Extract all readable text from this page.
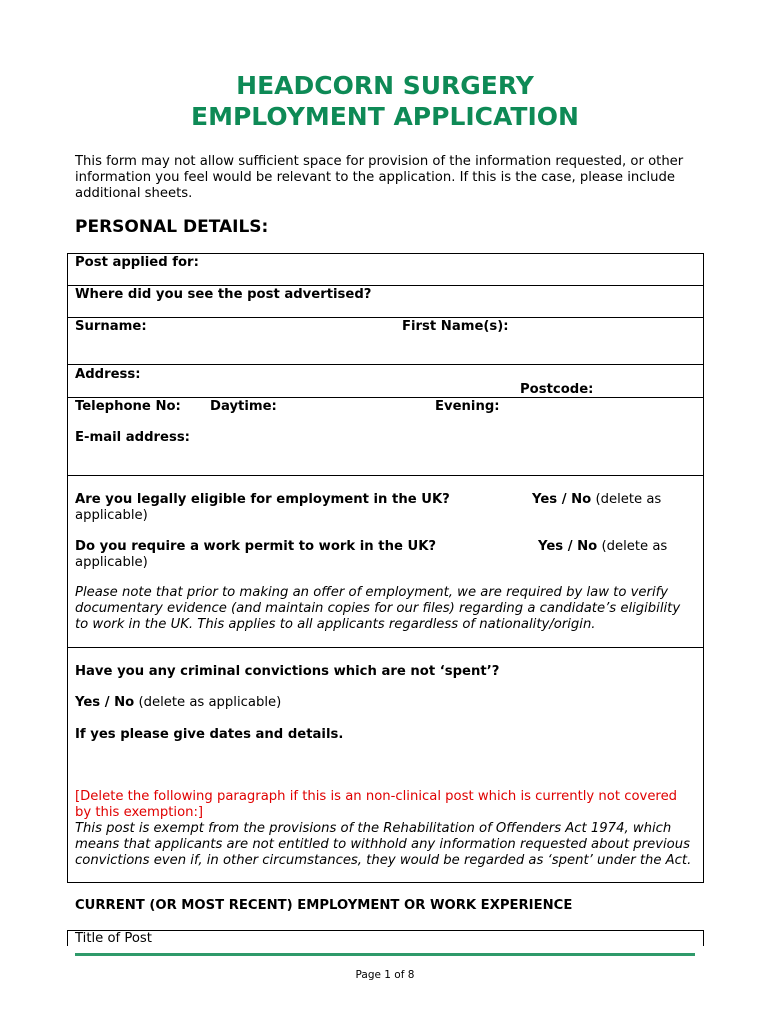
HEADCORN SURGERY
EMPLOYMENT APPLICATION

This form may not allow sufficient space for provision of the information requested, or other information you feel would be relevant to the application. If this is the case, please include additional sheets.

PERSONAL DETAILS:
Post applied for:
Where did you see the post advertised?
Surname:	First Name(s):
Address:
Postcode:
Telephone No: Daytime:	Evening:
E-mail address:
Are you legally eligible for employment in the UK?	Yes / No (delete as
applicable)
Do you require a work permit to work in the UK?	Yes / No (delete as
applicable)
Please note that prior to making an offer of employment, we are required by law to verify documentary evidence (and maintain copies for our files) regarding a candidate’s eligibility to work in the UK. This applies to all applicants regardless of nationality/origin.
Have you any criminal convictions which are not ‘spent’?
Yes / No (delete as applicable)
If yes please give dates and details.
[Delete the following paragraph if this is an non-clinical post which is currently not covered by this exemption:]
This post is exempt from the provisions of the Rehabilitation of Offenders Act 1974, which means that applicants are not entitled to withhold any information requested about previous convictions even if, in other circumstances, they would be regarded as ‘spent’ under the Act.
CURRENT (OR MOST RECENT) EMPLOYMENT OR WORK EXPERIENCE
Title of Post
Page 1 of 8
